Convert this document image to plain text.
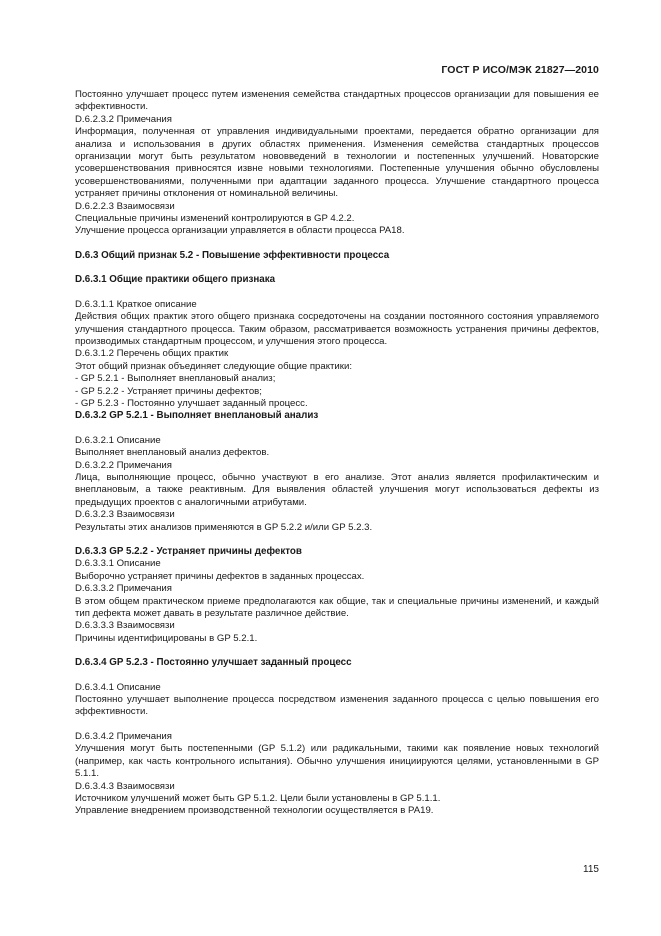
ГОСТ Р ИСО/МЭК 21827—2010

Постоянно улучшает процесс путем изменения семейства стандартных процессов организации для повышения ее эффективности.

D.6.2.3.2 Примечания

Информация, полученная от управления индивидуальными проектами, передается обратно организации для анализа и использования в других областях применения. Изменения семейства стандартных процессов организации могут быть результатом нововведений в технологии и постепенных улучшений. Новаторские усовершенствования привносятся извне новыми технологиями. Постепенные улучшения обычно обусловлены усовершенствованиями, полученными при адаптации заданного процесса. Улучшение стандартного процесса устраняет причины отклонения от номинальной величины.

D.6.2.2.3 Взаимосвязи

Специальные причины изменений контролируются в GP 4.2.2.

Улучшение процесса организации управляется в области процесса PA18.

D.6.3 Общий признак 5.2 - Повышение эффективности процесса

D.6.3.1 Общие практики общего признака

D.6.3.1.1 Краткое описание

Действия общих практик этого общего признака сосредоточены на создании постоянного состояния управляемого улучшения стандартного процесса. Таким образом, рассматривается возможность устранения причины дефектов, производимых стандартным процессом, и улучшения этого процесса.

D.6.3.1.2 Перечень общих практик

Этот общий признак объединяет следующие общие практики:

- GP 5.2.1 - Выполняет внеплановый анализ;

- GP 5.2.2 - Устраняет причины дефектов;

- GP 5.2.3 - Постоянно улучшает заданный процесс.

D.6.3.2 GP 5.2.1 - Выполняет внеплановый анализ

D.6.3.2.1 Описание

Выполняет внеплановый анализ дефектов.

D.6.3.2.2 Примечания

Лица, выполняющие процесс, обычно участвуют в его анализе. Этот анализ является профилактическим и внеплановым, а также реактивным. Для выявления областей улучшения могут использоваться дефекты из предыдущих проектов с аналогичными атрибутами.

D.6.3.2.3 Взаимосвязи

Результаты этих анализов применяются в GP 5.2.2 и/или GP 5.2.3.

D.6.3.3 GP 5.2.2 - Устраняет причины дефектов

D.6.3.3.1 Описание

Выборочно устраняет причины дефектов в заданных процессах.

D.6.3.3.2 Примечания

В этом общем практическом приеме предполагаются как общие, так и специальные причины изменений, и каждый тип дефекта может давать в результате различное действие.

D.6.3.3.3 Взаимосвязи

Причины идентифицированы в GP 5.2.1.

D.6.3.4 GP 5.2.3 - Постоянно улучшает заданный процесс

D.6.3.4.1 Описание

Постоянно улучшает выполнение процесса посредством изменения заданного процесса с целью повышения его эффективности.

D.6.3.4.2 Примечания

Улучшения могут быть постепенными (GP 5.1.2) или радикальными, такими как появление новых технологий (например, как часть контрольного испытания). Обычно улучшения инициируются целями, установленными в GP 5.1.1.

D.6.3.4.3 Взаимосвязи

Источником улучшений может быть GP 5.1.2. Цели были установлены в GP 5.1.1.

Управление внедрением производственной технологии осуществляется в PA19.

115
